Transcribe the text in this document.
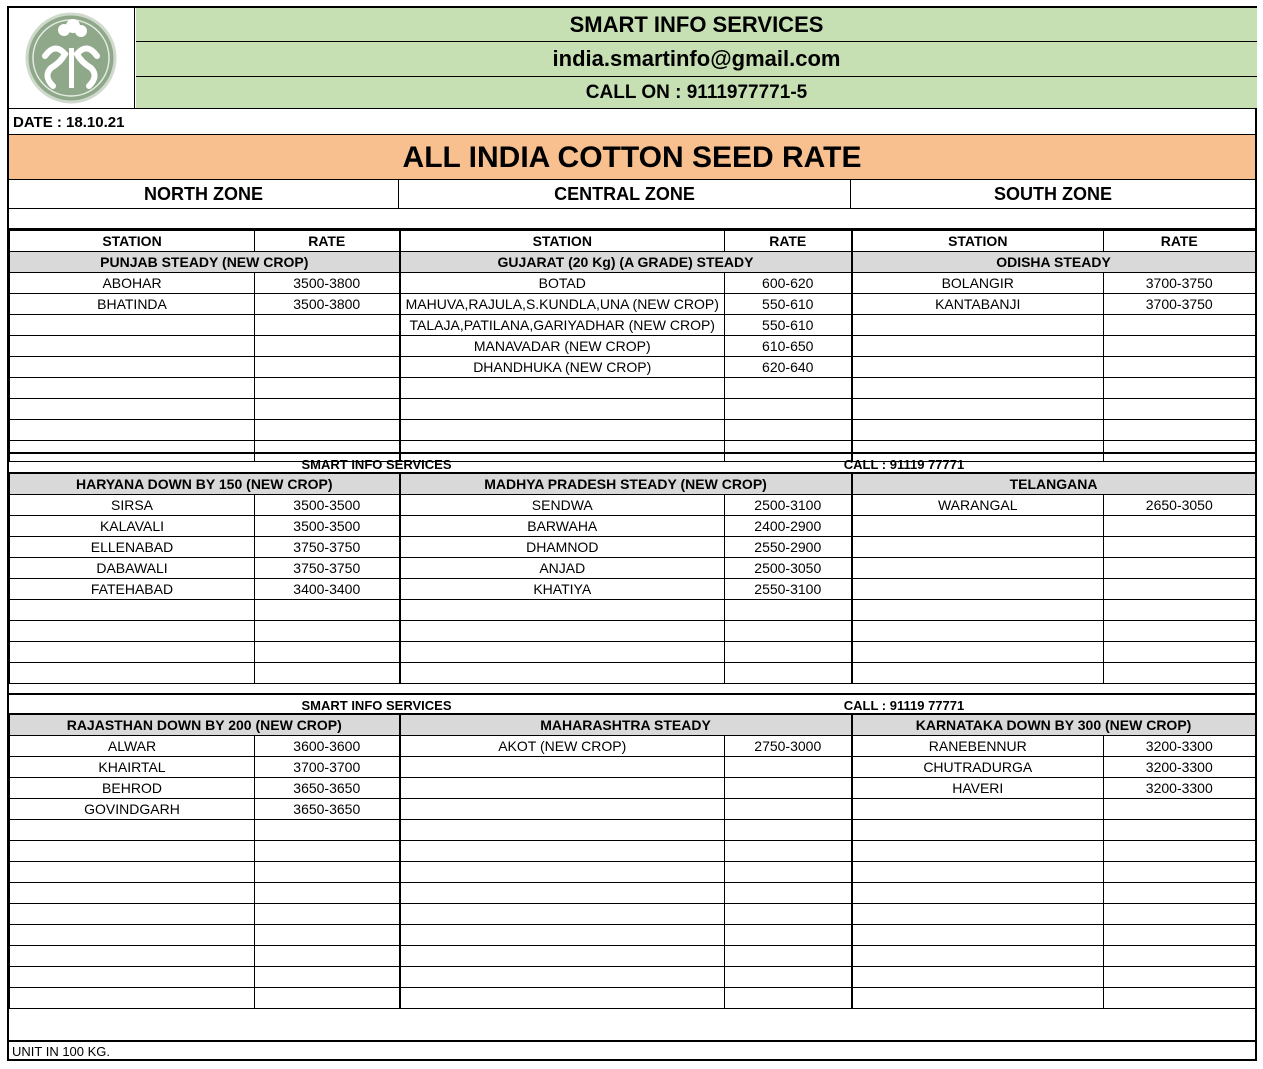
SMART INFO SERVICES
india.smartinfo@gmail.com
CALL ON : 9111977771-5
DATE : 18.10.21
ALL INDIA COTTON SEED RATE
NORTH ZONE	CENTRAL ZONE	SOUTH ZONE
STATION	RATE	STATION	RATE	STATION	RATE
PUNJAB STEADY (NEW CROP)		GUJARAT (20 Kg) (A GRADE) STEADY		ODISHA STEADY	
ABOHAR	3500-3800	BOTAD	600-620	BOLANGIR	3700-3750
BHATINDA	3500-3800	MAHUVA,RAJULA,S.KUNDLA,UNA (NEW CROP)	550-610	KANTABANJI	3700-3750
		TALAJA,PATILANA,GARIYADHAR (NEW CROP)	550-610		
		MANAVADAR (NEW CROP)	610-650		
		DHANDHUKA (NEW CROP)	620-640		

SMART INFO SERVICES	CALL : 91119 77771
HARYANA DOWN BY 150 (NEW CROP)		MADHYA PRADESH STEADY (NEW CROP)		TELANGANA	
SIRSA	3500-3500	SENDWA	2500-3100	WARANGAL	2650-3050
KALAVALI	3500-3500	BARWAHA	2400-2900		
ELLENABAD	3750-3750	DHAMNOD	2550-2900		
DABAWALI	3750-3750	ANJAD	2500-3050		
FATEHABAD	3400-3400	KHATIYA	2550-3100		

SMART INFO SERVICES	CALL : 91119 77771
RAJASTHAN DOWN BY 200 (NEW CROP)		MAHARASHTRA STEADY		KARNATAKA DOWN BY 300 (NEW CROP)	
ALWAR	3600-3600	AKOT (NEW CROP)	2750-3000	RANEBENNUR	3200-3300
KHAIRTAL	3700-3700			CHUTRADURGA	3200-3300
BEHROD	3650-3650			HAVERI	3200-3300
GOVINDGARH	3650-3650				

UNIT IN 100 KG.
